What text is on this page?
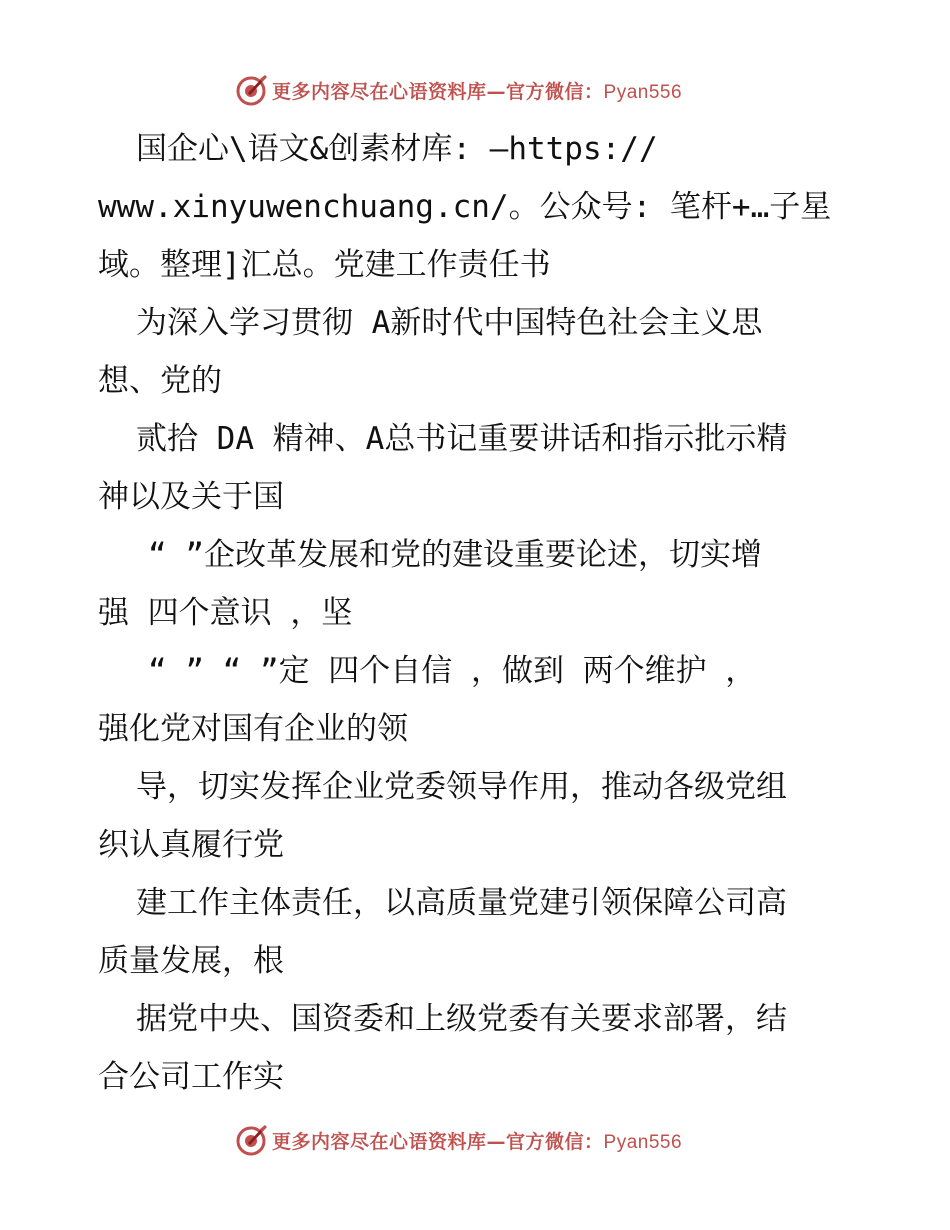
更多内容尽在心语资料库—官方微信：Pyan556
国企心\语文&创素材库: —https://
www.xinyuwenchuang.cn/。公众号: 笔杆+…子星
域。整理]汇总。党建工作责任书
为深入学习贯彻 A新时代中国特色社会主义思
想、党的
贰拾 DA 精神、A总书记重要讲话和指示批示精
神以及关于国
“ ”企改革发展和党的建设重要论述，切实增
强 四个意识 ，坚
“ ” “ ”定 四个自信 ，做到 两个维护 ，
强化党对国有企业的领
导，切实发挥企业党委领导作用，推动各级党组
织认真履行党
建工作主体责任，以高质量党建引领保障公司高
质量发展，根
据党中央、国资委和上级党委有关要求部署，结
合公司工作实
更多内容尽在心语资料库—官方微信：Pyan556
